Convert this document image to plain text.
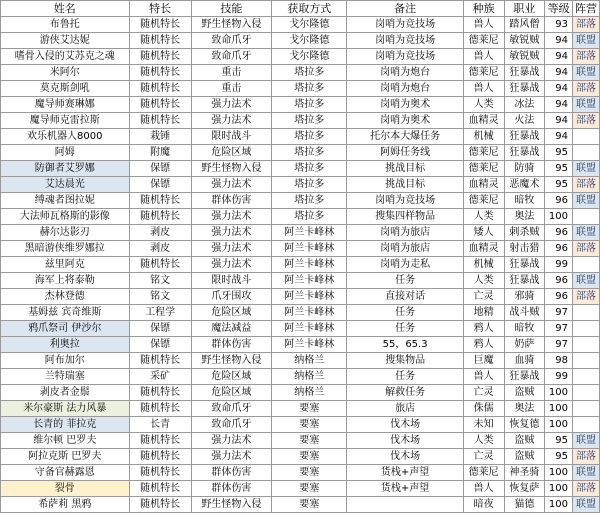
姓名	特长	技能	获取方式	备注	种族	职业	等级	阵营
布鲁托	随机特长	野生怪物入侵	戈尔隆德	岗哨为竞技场	兽人	踏风僧	93	部落
游侠艾达妮	随机特长	致命爪牙	戈尔隆德	岗哨为竞技场	德莱尼	敏锐贼	94	联盟
嗜骨入侵的艾苏克之魂	随机特长	致命爪牙	戈尔隆德	岗哨为竞技场	兽人	敏锐贼	94	部落
米阿尔	随机特长	重击	塔拉多	岗哨为炮台	德莱尼	狂暴战	94	联盟
莫克斯剑吼	随机特长	重击	塔拉多	岗哨为炮台	兽人	狂暴战	94	部落
魔导师赛琳娜	随机特长	强力法术	塔拉多	岗哨为奥术	人类	冰法	94	联盟
魔导师克雷拉斯	随机特长	强力法术	塔拉多	岗哨为奥术	血精灵	火法	94	部落
欢乐机器人8000	栽锤	限时战斗	塔拉多	托尔本大爆任务	机械	狂暴战	94	
阿姆	附魔	危险区域	塔拉多	阿姆任务线	德莱尼	狂暴战	95	
防御者艾罗娜	保镖	野生怪物入侵	塔拉多	挑战目标	德莱尼	防骑	95	联盟
艾达晨光	保镖	强力法术	塔拉多	挑战目标	血精灵	恶魔术	95	部落
缚魂者图拉妮	随机特长	群体伤害	塔拉多	岗哨为竞技场	德莱尼	暗牧	96	联盟
大法师瓦格斯的影像	随机特长	强力法术	塔拉多	搜集四样物品	人类	奥法	100	
赫尔达影刃	剥皮	强力法术	阿兰卡峰林	岗哨为旅店	矮人	刺杀贼	96	联盟
黑暗游侠维罗娜拉	剥皮	强力法术	阿兰卡峰林	岗哨为旅店	血精灵	射击猎	96	部落
兹里阿克	随机特长	强力法术	阿兰卡峰林	岗哨为走私	机械	狂暴战	99	
海军上将泰勒	铭文	限时战斗	阿兰卡峰林	任务	人类	狂暴战	96	联盟
杰林登德	铭文	爪牙围攻	阿兰卡峰林	直接对话	亡灵	邪骑	96	部落
基姆兹 宾奇维斯	工程学	危险区域	阿兰卡峰林	任务	地精	战斗贼	97	
鸦爪祭司 伊沙尔	保镖	魔法减益	阿兰卡峰林	任务	鸦人	暗牧	97	
利奥拉	保镖	群体伤害	阿兰卡峰林	55，65.3	鸦人	奶萨	97	
阿布加尔	随机特长	野生怪物入侵	纳格兰	搜集物品	巨魔	血骑	98	
兰特瑞塞	采矿	危险区域	纳格兰	任务	兽人	狂暴战	99	
剥皮者金鬃	随机特长	危险区域	纳格兰	解救任务	亡灵	盗贼	100	
米尔豪斯 法力风暴	随机特长	致命爪牙	要塞	旅店	侏儒	奥法	100	
长青的 菲拉克	长青	致命爪牙	要塞	伐木场	未知	恢复德	100	
维尔顿 巴罗夫	随机特长	强力法术	要塞	伐木场	人类	盗贼	95	联盟
阿拉克斯 巴罗夫	随机特长	强力法术	要塞	伐木场	亡灵	盗贼	95	部落
守备官赫露恩	随机特长	群体伤害	要塞	货栈+声望	德莱尼	神圣骑	100	联盟
裂骨	随机特长	群体伤害	要塞	货栈+声望	兽人	恢复萨	100	部落
希萨莉 黑鸦	随机特长	野生怪物入侵	要塞		暗夜	猫德	100	联盟
